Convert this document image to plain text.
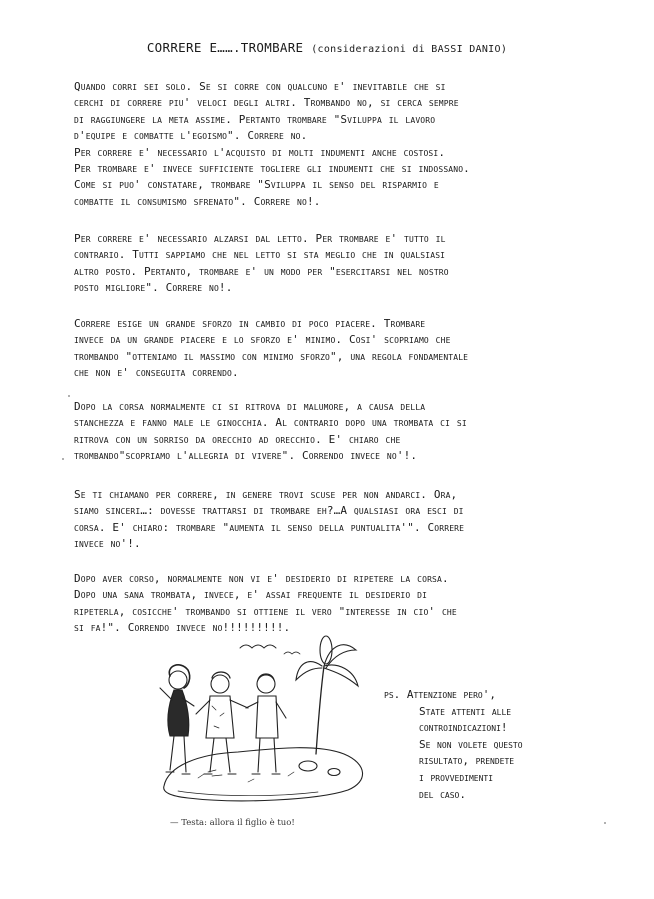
CORRERE E…….TROMBARE (considerazioni di BASSI DANIO)
Quando corri sei solo. Se si corre con qualcuno e' inevitabile che si
cerchi di correre piu' veloci degli altri. Trombando no, si cerca sempre
di raggiungere la meta assime. Pertanto trombare "Sviluppa il lavoro
d'equipe e combatte l'egoismo". Correre no.
Per correre e' necessario l'acquisto di molti indumenti anche costosi.
Per trombare e' invece sufficiente togliere gli indumenti che si indossano.
Come si puo' constatare, trombare "Sviluppa il senso del risparmio e
combatte il consumismo sfrenato". Correre no!.
Per correre e' necessario alzarsi dal letto. Per trombare e' tutto il
contrario. Tutti sappiamo che nel letto si sta meglio che in qualsiasi
altro posto. Pertanto, trombare e' un modo per "esercitarsi nel nostro
posto migliore". Correre no!.
Correre esige un grande sforzo in cambio di poco piacere. Trombare
invece da un grande piacere e lo sforzo e' minimo. Cosi' scopriamo che
trombando "otteniamo il massimo con minimo sforzo", una regola fondamentale
che non e' conseguita correndo.
Dopo la corsa normalmente ci si ritrova di malumore, a causa della
stanchezza e fanno male le ginocchia. Al contrario dopo una trombata ci si
ritrova con un sorriso da orecchio ad orecchio. E' chiaro che
trombando"scopriamo l'allegria di vivere". Correndo invece no'!.
Se ti chiamano per correre, in genere trovi scuse per non andarci. Ora,
siamo sinceri…: dovesse trattarsi di trombare eh?…A qualsiasi ora esci di
corsa. E' chiaro: trombare "aumenta il senso della puntualita'". Correre
invece no'!.
Dopo aver corso, normalmente non vi e' desiderio di ripetere la corsa.
Dopo una sana trombata, invece, e' assai frequente il desiderio di
ripeterla, cosicche' trombando si ottiene il vero "interesse in cio' che
si fa!". Correndo invece no!!!!!!!!!.
— Testa: allora il figlio è tuo!
ps. Attenzione pero',
State attenti alle
controindicazioni!
Se non volete questo
risultato, prendete
i provvedimenti
del caso.
